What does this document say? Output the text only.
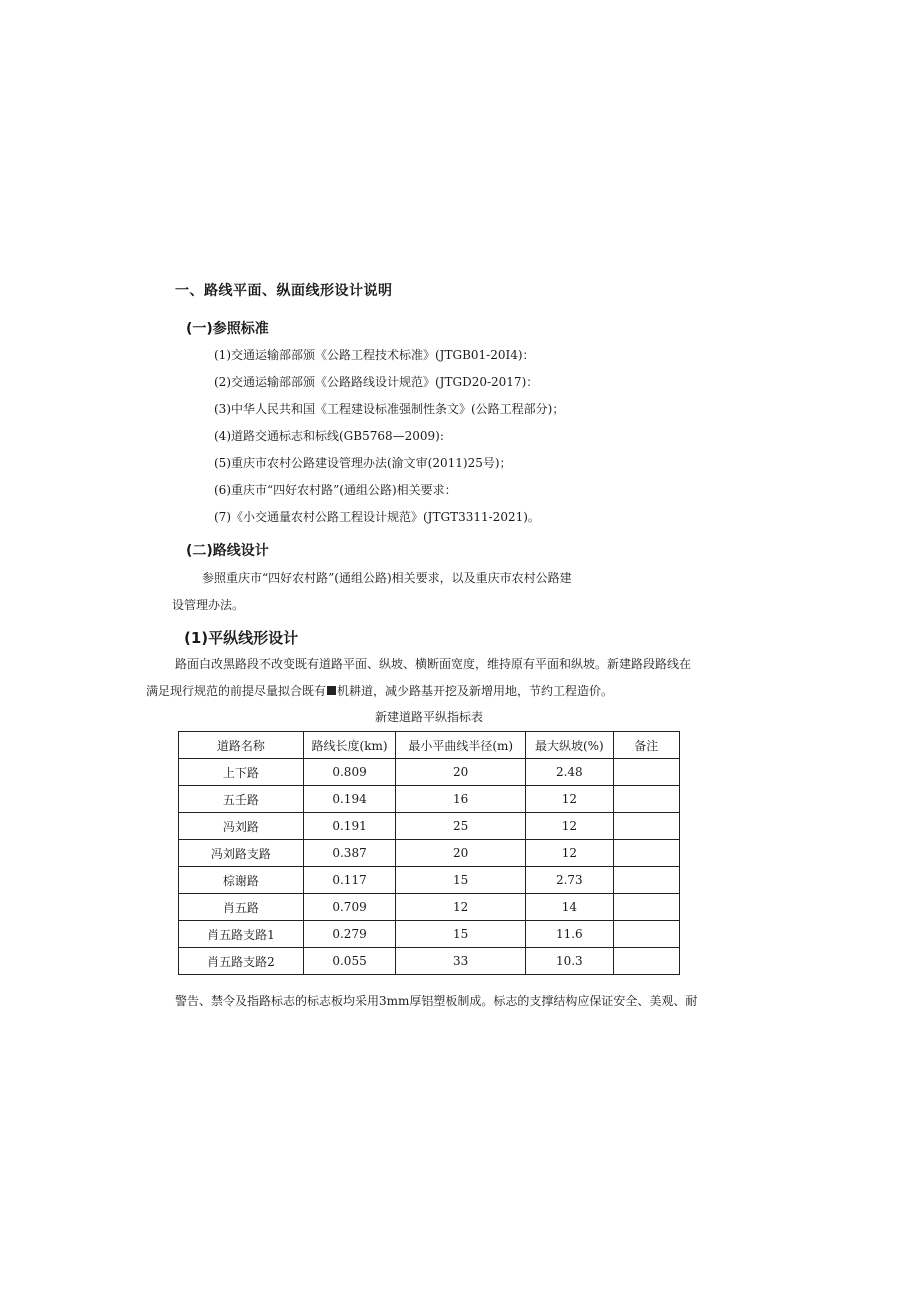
一、路线平面、纵面线形设计说明
(一)参照标准
(1)交通运输部部颁《公路工程技术标准》(JTGB01-20I4)：
(2)交通运输部部颁《公路路线设计规范》(JTGD20-2017)：
(3)中华人民共和国《工程建设标准强制性条文》(公路工程部分)；
(4)道路交通标志和标线(GB5768—2009):
(5)重庆市农村公路建设管理办法(渝文审(2011)25号)；
(6)重庆市“四好农村路”(通组公路)相关要求：
(7)《小交通量农村公路工程设计规范》(JTGT3311-2021)。
(二)路线设计
参照重庆市“四好农村路”(通组公路)相关要求，以及重庆市农村公路建
设管理办法。
(1)平纵线形设计
路面白改黑路段不改变既有道路平面、纵坡、横断面宽度，维持原有平面和纵坡。新建路段路线在
满足现行规范的前提尽量拟合既有 机耕道，减少路基开挖及新增用地，节约工程造价。
新建道路平纵指标表
道路名称	路线长度(km)	最小平曲线半径(m)	最大纵坡(%)	备注
上下路	0.809	20	2.48	
五壬路	0.194	16	12	
冯刘路	0.191	25	12	
冯刘路支路	0.387	20	12	
棕谢路	0.117	15	2.73	
肖五路	0.709	12	14	
肖五路支路1	0.279	15	11.6	
肖五路支路2	0.055	33	10.3	
警告、禁令及指路标志的标志板均采用3mm厚铝塑板制成。标志的支撑结构应保证安全、美观、耐
